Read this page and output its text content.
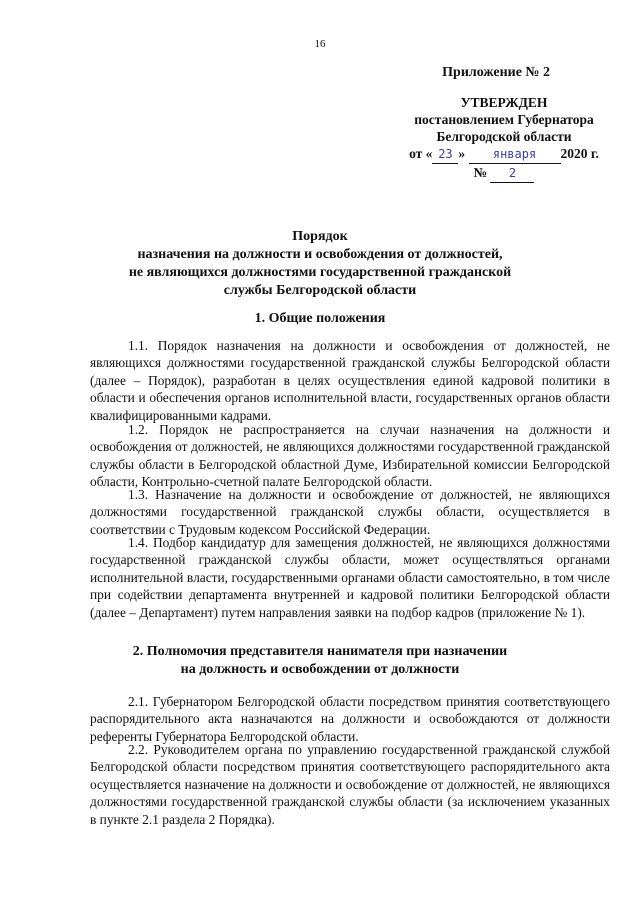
16
Приложение № 2
УТВЕРЖДЕН
постановлением Губернатора
Белгородской области
от « 23 » января 2020 г.
№ 2
Порядок
назначения на должности и освобождения от должностей,
не являющихся должностями государственной гражданской
службы Белгородской области
1. Общие положения
1.1. Порядок назначения на должности и освобождения от должностей, не являющихся должностями государственной гражданской службы Белгородской области (далее – Порядок), разработан в целях осуществления единой кадровой политики в области и обеспечения органов исполнительной власти, государственных органов области квалифицированными кадрами.
1.2. Порядок не распространяется на случаи назначения на должности и освобождения от должностей, не являющихся должностями государственной гражданской службы области в Белгородской областной Думе, Избирательной комиссии Белгородской области, Контрольно-счетной палате Белгородской области.
1.3. Назначение на должности и освобождение от должностей, не являющихся должностями государственной гражданской службы области, осуществляется в соответствии с Трудовым кодексом Российской Федерации.
1.4. Подбор кандидатур для замещения должностей, не являющихся должностями государственной гражданской службы области, может осуществляться органами исполнительной власти, государственными органами области самостоятельно, в том числе при содействии департамента внутренней и кадровой политики Белгородской области (далее – Департамент) путем направления заявки на подбор кадров (приложение № 1).
2. Полномочия представителя нанимателя при назначении
на должность и освобождении от должности
2.1. Губернатором Белгородской области посредством принятия соответствующего распорядительного акта назначаются на должности и освобождаются от должности референты Губернатора Белгородской области.
2.2. Руководителем органа по управлению государственной гражданской службой Белгородской области посредством принятия соответствующего распорядительного акта осуществляется назначение на должности и освобождение от должностей, не являющихся должностями государственной гражданской службы области (за исключением указанных в пункте 2.1 раздела 2 Порядка).
